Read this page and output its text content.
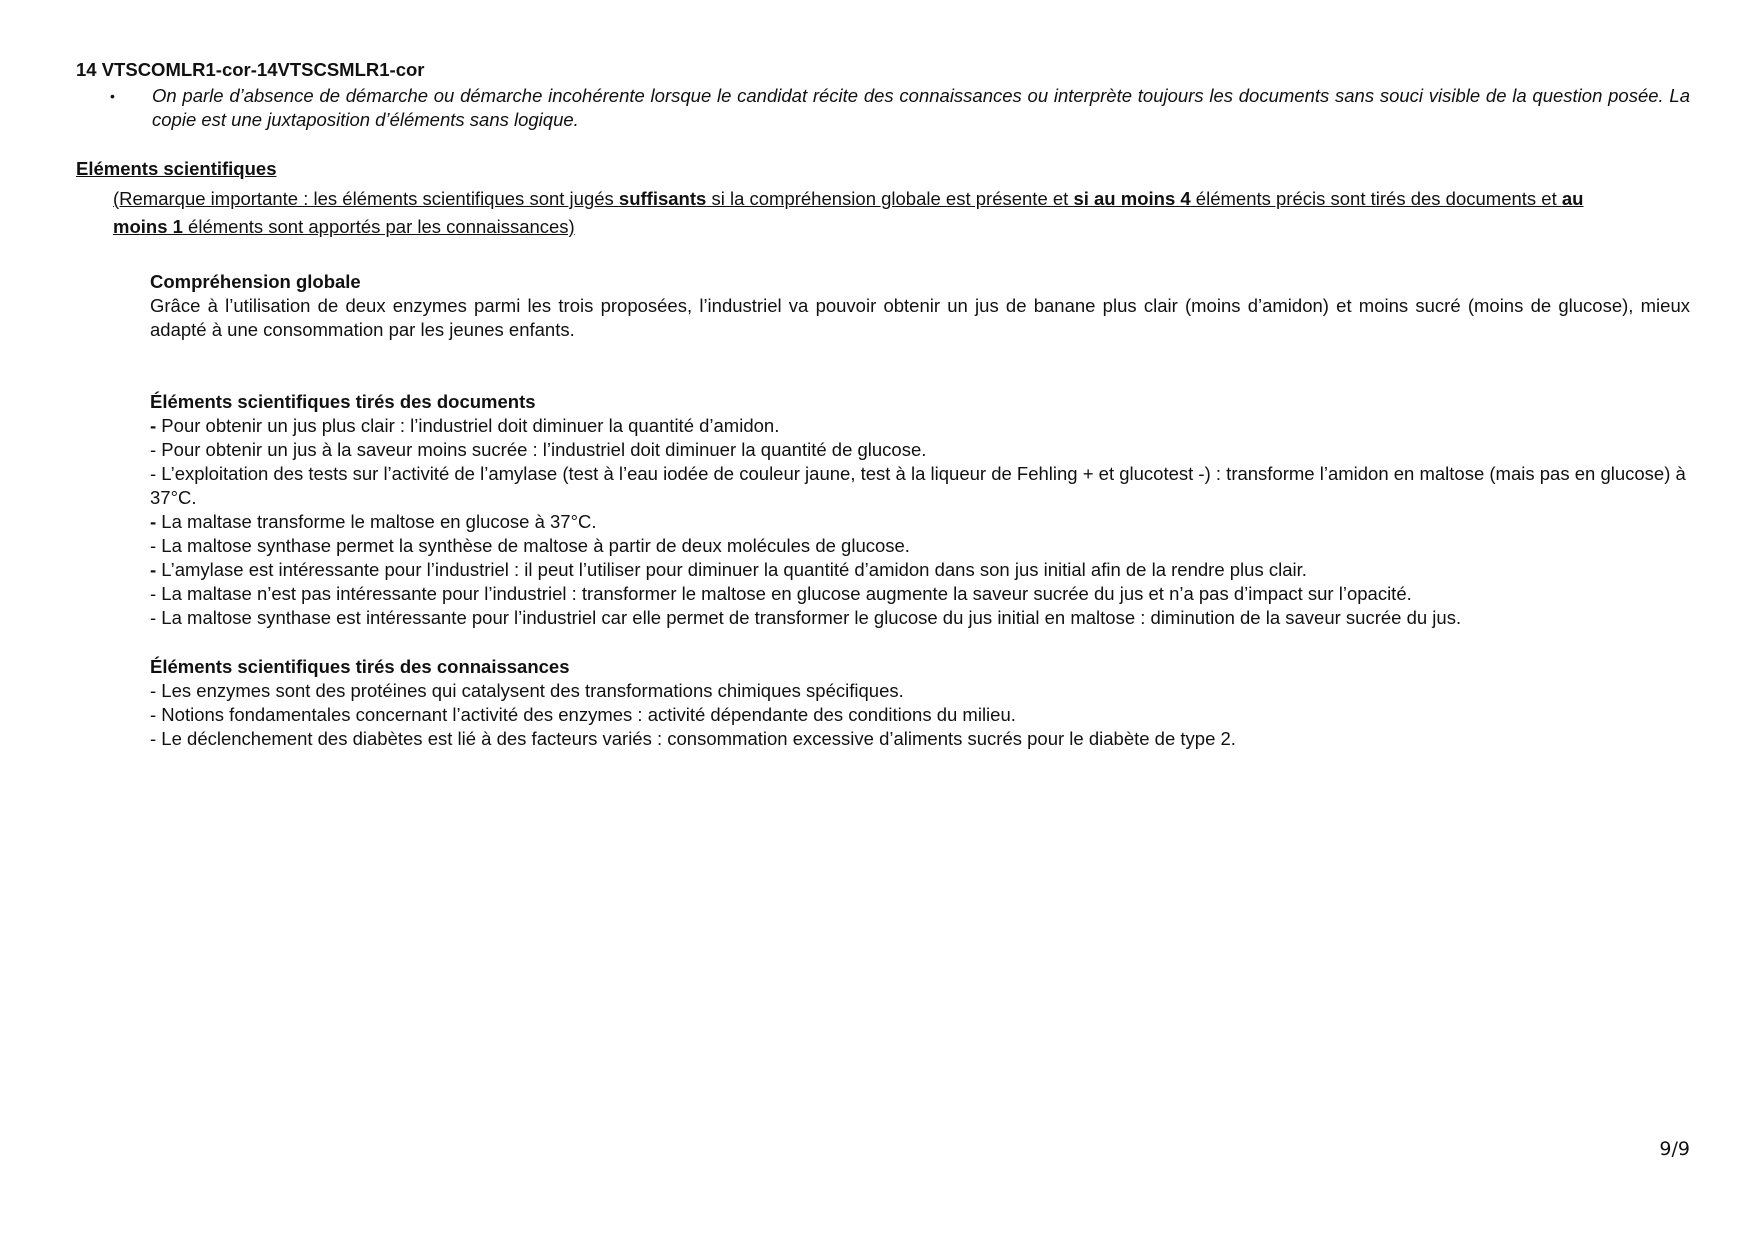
14 VTSCOMLR1-cor-14VTSCSMLR1-cor
•	On parle d’absence de démarche ou démarche incohérente lorsque le candidat récite des connaissances ou interprète toujours les documents sans souci visible de la question posée. La copie est une juxtaposition d’éléments sans logique.
Eléments scientifiques
(Remarque importante : les éléments scientifiques sont jugés suffisants si la compréhension globale est présente et si au moins 4 éléments précis sont tirés des documents et au moins 1 éléments sont apportés par les connaissances)
Compréhension globale
Grâce à l’utilisation de deux enzymes parmi les trois proposées, l’industriel va pouvoir obtenir un jus de banane plus clair (moins d’amidon) et moins sucré (moins de glucose), mieux adapté à une consommation par les jeunes enfants.
Éléments scientifiques tirés des documents
- Pour obtenir un jus plus clair : l’industriel doit diminuer la quantité d’amidon.
- Pour obtenir un jus à la saveur moins sucrée : l’industriel doit diminuer la quantité de glucose.
- L’exploitation des tests sur l’activité de l’amylase (test à l’eau iodée de couleur jaune, test à la liqueur de Fehling + et glucotest -) : transforme l’amidon en maltose (mais pas en glucose) à 37°C.
- La maltase transforme le maltose en glucose à 37°C.
- La maltose synthase permet la synthèse de maltose à partir de deux molécules de glucose.
- L’amylase est intéressante pour l’industriel : il peut l’utiliser pour diminuer la quantité d’amidon dans son jus initial afin de la rendre plus clair.
- La maltase n’est pas intéressante pour l’industriel : transformer le maltose en glucose augmente la saveur sucrée du jus et n’a pas d’impact sur l’opacité.
- La maltose synthase est intéressante pour l’industriel car elle permet de transformer le glucose du jus initial en maltose : diminution de la saveur sucrée du jus.
Éléments scientifiques tirés des connaissances
- Les enzymes sont des protéines qui catalysent des transformations chimiques spécifiques.
- Notions fondamentales concernant l’activité des enzymes : activité dépendante des conditions du milieu.
- Le déclenchement des diabètes est lié à des facteurs variés : consommation excessive d’aliments sucrés pour le diabète de type 2.
9/9
